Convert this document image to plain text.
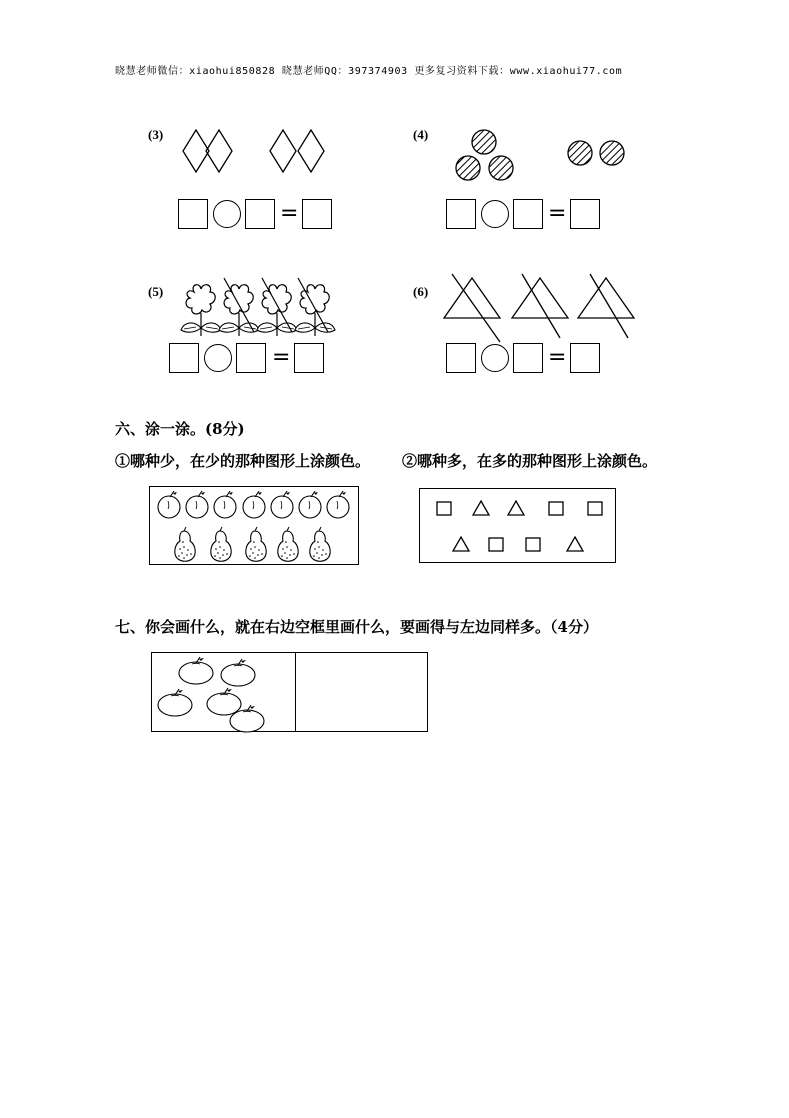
晓慧老师微信：xiaohui850828 晓慧老师QQ：397374903 更多复习资料下载：www.xiaohui77.com
(3)
=
(4)
=
(5)
=
(6)
=
六、涂一涂。(8分)
①哪种少，在少的那种图形上涂颜色。 ②哪种多，在多的那种图形上涂颜色。
七、你会画什么，就在右边空框里画什么，要画得与左边同样多。（4分）
